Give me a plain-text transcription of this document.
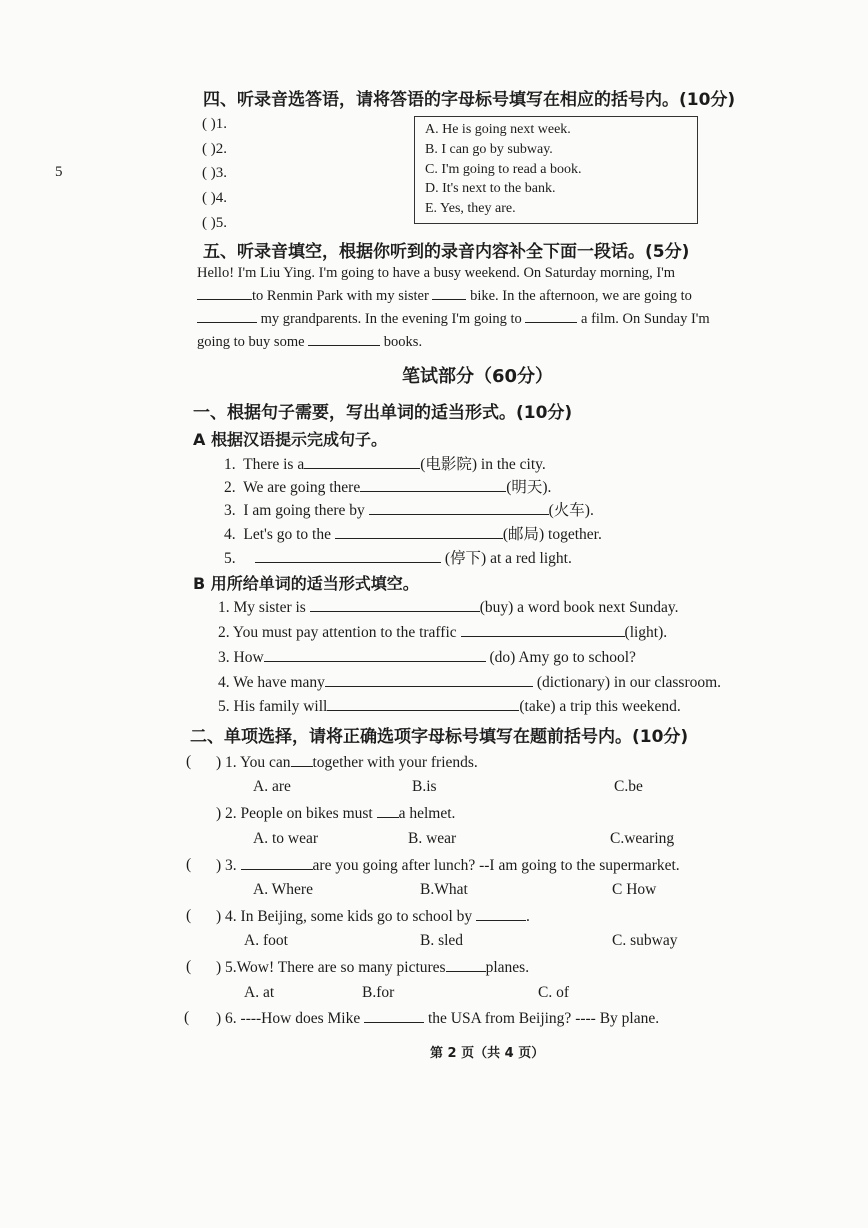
5
四、听录音选答语，请将答语的字母标号填写在相应的括号内。(10分)
( )1.
( )2.
( )3.
( )4.
( )5.
A. He is going next week.
B. I can go by subway.
C. I'm going to read a book.
D. It's next to the bank.
E. Yes, they are.
五、听录音填空，根据你听到的录音内容补全下面一段话。(5分)
Hello! I'm Liu Ying. I'm going to have a busy weekend. On Saturday morning, I'm
to Renmin Park with my sister	bike. In the afternoon, we are going to
my grandparents. In the evening I'm going to	a film. On Sunday I'm
going to buy some	books.
笔试部分（60分）
一、根据句子需要，写出单词的适当形式。(10分)
A 根据汉语提示完成句子。
1. There is a	(电影院) in the city.
2. We are going there	(明天).
3. I am going there by	(火车).
4. Let's go to the	(邮局) together.
5.	(停下) at a red light.
B 用所给单词的适当形式填空。
1. My sister is	(buy) a word book next Sunday.
2. You must pay attention to the traffic	(light).
3. How	(do) Amy go to school?
4. We have many	(dictionary) in our classroom.
5. His family will	(take) a trip this weekend.
二、单项选择，请将正确选项字母标号填写在题前括号内。(10分)
( ) 1. You can together with your friends.
A. are	B.is	C.be
) 2. People on bikes must a helmet.
A. to wear	B. wear	C.wearing
( ) 3.	are you going after lunch? --I am going to the supermarket.
A. Where	B.What	C How
( ) 4. In Beijing, some kids go to school by	.
A. foot	B. sled	C. subway
( ) 5.Wow! There are so many pictures	planes.
A. at	B.for	C. of
( ) 6. ----How does Mike	the USA from Beijing? ---- By plane.
第 2 页（共 4 页）
